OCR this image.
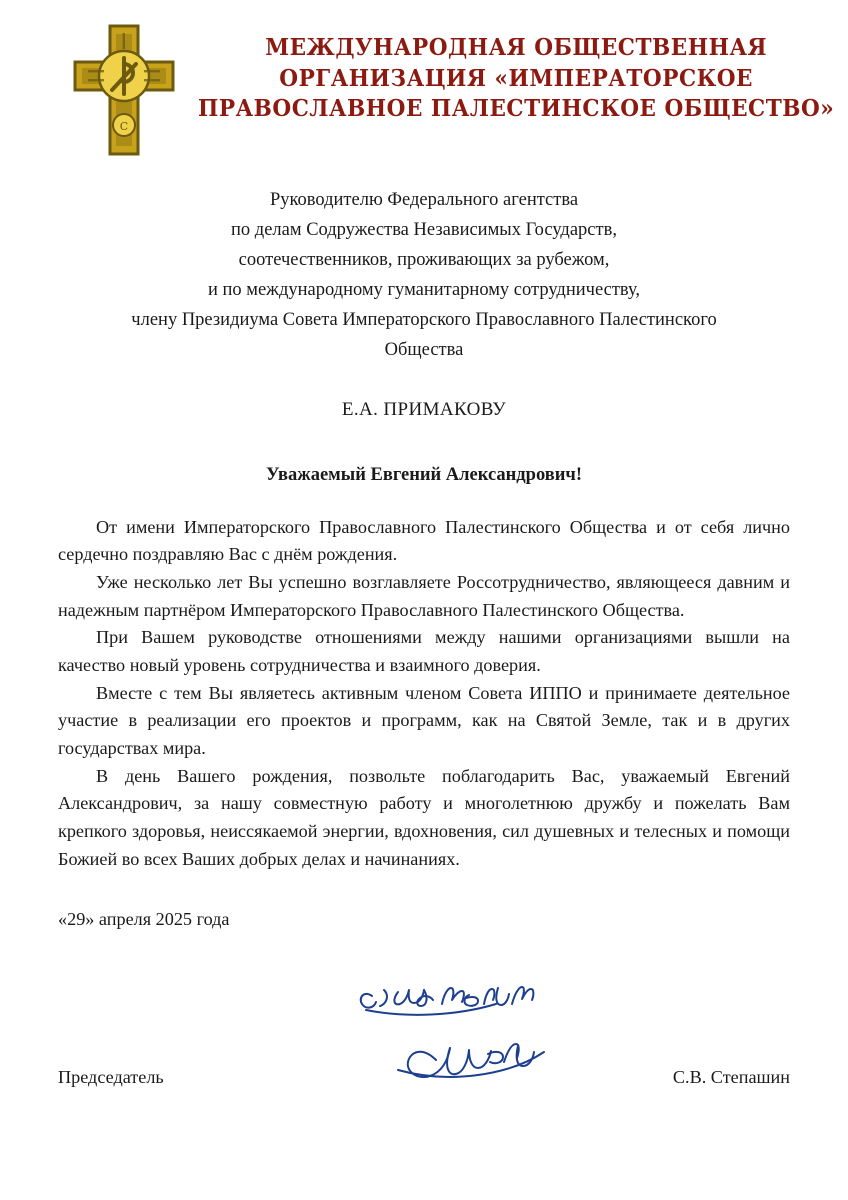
С
МЕЖДУНАРОДНАЯ ОБЩЕСТВЕННАЯ
ОРГАНИЗАЦИЯ «ИМПЕРАТОРСКОЕ
ПРАВОСЛАВНОЕ ПАЛЕСТИНСКОЕ ОБЩЕСТВО»
Руководителю Федерального агентства
по делам Содружества Независимых Государств,
соотечественников, проживающих за рубежом,
и по международному гуманитарному сотрудничеству,
члену Президиума Совета Императорского Православного Палестинского
Общества
Е.А. ПРИМАКОВУ
Уважаемый Евгений Александрович!

От имени Императорского Православного Палестинского Общества и от себя лично сердечно поздравляю Вас с днём рождения.

Уже несколько лет Вы успешно возглавляете Россотрудничество, являющееся давним и надежным партнёром Императорского Православного Палестинского Общества.

При Вашем руководстве отношениями между нашими организациями вышли на качество новый уровень сотрудничества и взаимного доверия.

Вместе с тем Вы являетесь активным членом Совета ИППО и принимаете деятельное участие в реализации его проектов и программ, как на Святой Земле, так и в других государствах мира.

В день Вашего рождения, позвольте поблагодарить Вас, уважаемый Евгений Александрович, за нашу совместную работу и многолетнюю дружбу и пожелать Вам крепкого здоровья, неиссякаемой энергии, вдохновения, сил душевных и телесных и помощи Божией во всех Ваших добрых делах и начинаниях.

«29» апреля 2025 года
Председатель	С.В. Степашин
